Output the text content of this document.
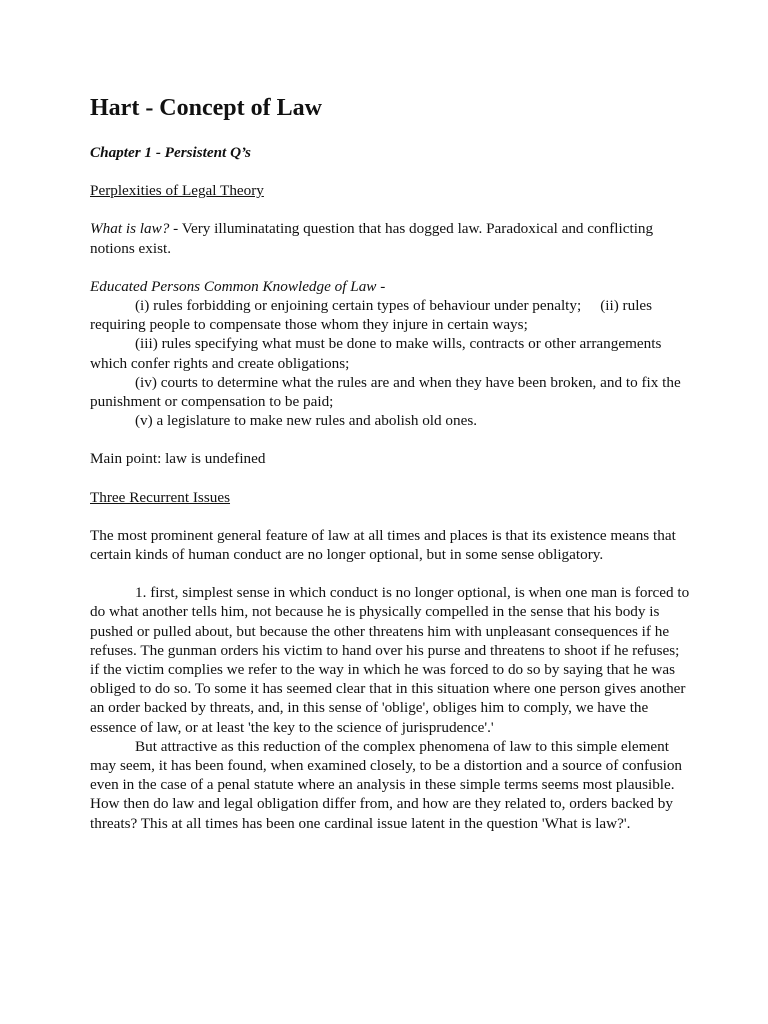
Hart - Concept of Law
Chapter 1 - Persistent Q’s
Perplexities of Legal Theory

What is law? - Very illuminatating question that has dogged law. Paradoxical and conflicting notions exist.

Educated Persons Common Knowledge of Law -

(i) rules forbidding or enjoining certain types of behaviour under penalty;     (ii) rules requiring people to compensate those whom they injure in certain ways;

(iii) rules specifying what must be done to make wills, contracts or other arrangements which confer rights and create obligations;

(iv) courts to determine what the rules are and when they have been broken, and to fix the punishment or compensation to be paid;

(v) a legislature to make new rules and abolish old ones.

Main point: law is undefined

Three Recurrent Issues

The most prominent general feature of law at all times and places is that its existence means that certain kinds of human conduct are no longer optional, but in some sense obligatory.

1. first, simplest sense in which conduct is no longer optional, is when one man is forced to do what another tells him, not because he is physically compelled in the sense that his body is pushed or pulled about, but because the other threatens him with unpleasant consequences if he refuses. The gunman orders his victim to hand over his purse and threatens to shoot if he refuses; if the victim complies we refer to the way in which he was forced to do so by saying that he was obliged to do so. To some it has seemed clear that in this situation where one person gives another an order backed by threats, and, in this sense of 'oblige', obliges him to comply, we have the essence of law, or at least 'the key to the science of jurisprudence'.'

But attractive as this reduction of the complex phenomena of law to this simple element may seem, it has been found, when examined closely, to be a distortion and a source of confusion even in the case of a penal statute where an analysis in these simple terms seems most plausible. How then do law and legal obligation differ from, and how are they related to, orders backed by threats? This at all times has been one cardinal issue latent in the question 'What is law?'.
